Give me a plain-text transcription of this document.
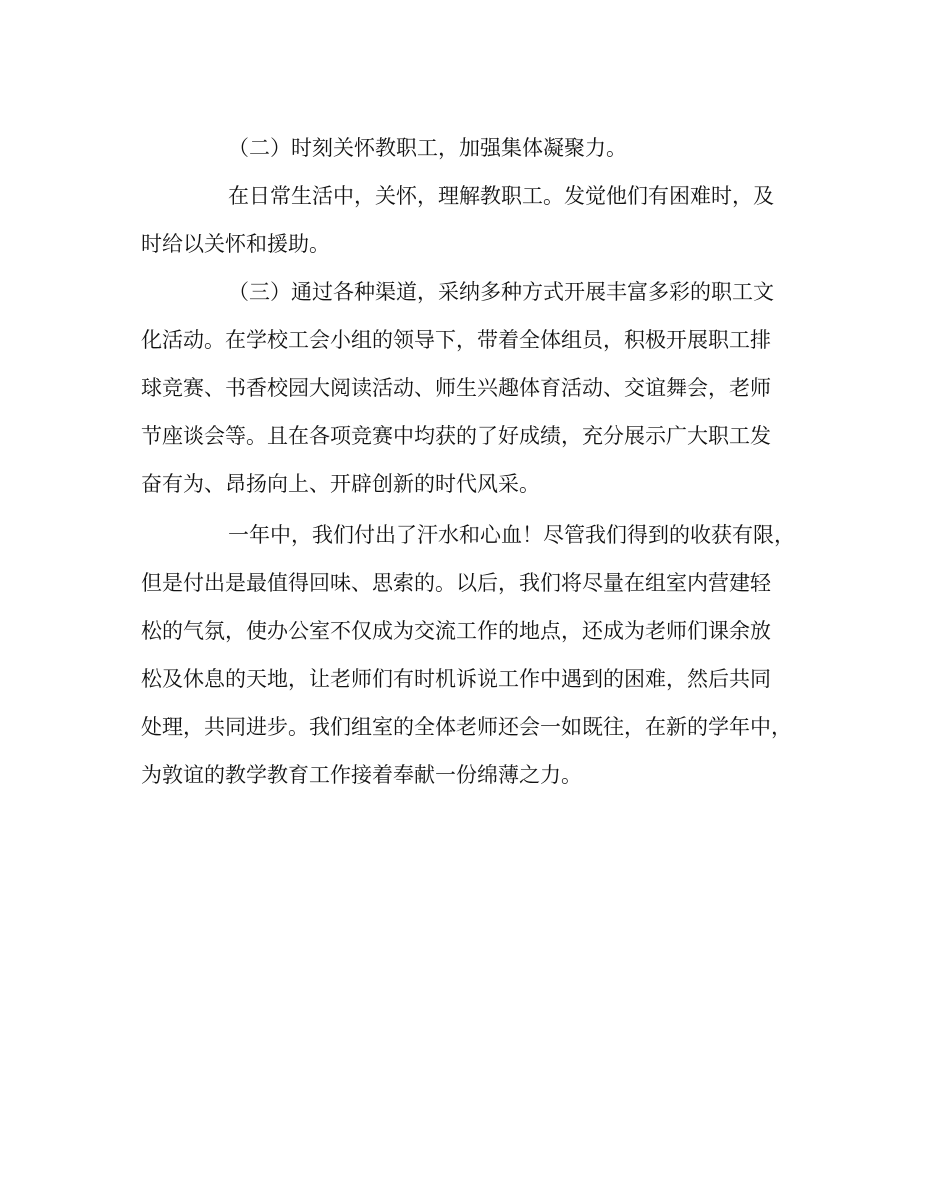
（二）时刻关怀教职工，加强集体凝聚力。

在日常生活中，关怀，理解教职工。发觉他们有困难时，及

时给以关怀和援助。

（三）通过各种渠道，采纳多种方式开展丰富多彩的职工文

化活动。在学校工会小组的领导下，带着全体组员，积极开展职工排

球竞赛、书香校园大阅读活动、师生兴趣体育活动、交谊舞会，老师

节座谈会等。且在各项竞赛中均获的了好成绩，充分展示广大职工发

奋有为、昂扬向上、开辟创新的时代风采。

一年中，我们付出了汗水和心血！尽管我们得到的收获有限，

但是付出是最值得回味、思索的。以后，我们将尽量在组室内营建轻

松的气氛，使办公室不仅成为交流工作的地点，还成为老师们课余放

松及休息的天地，让老师们有时机诉说工作中遇到的困难，然后共同

处理，共同进步。我们组室的全体老师还会一如既往，在新的学年中，

为敦谊的教学教育工作接着奉献一份绵薄之力。
